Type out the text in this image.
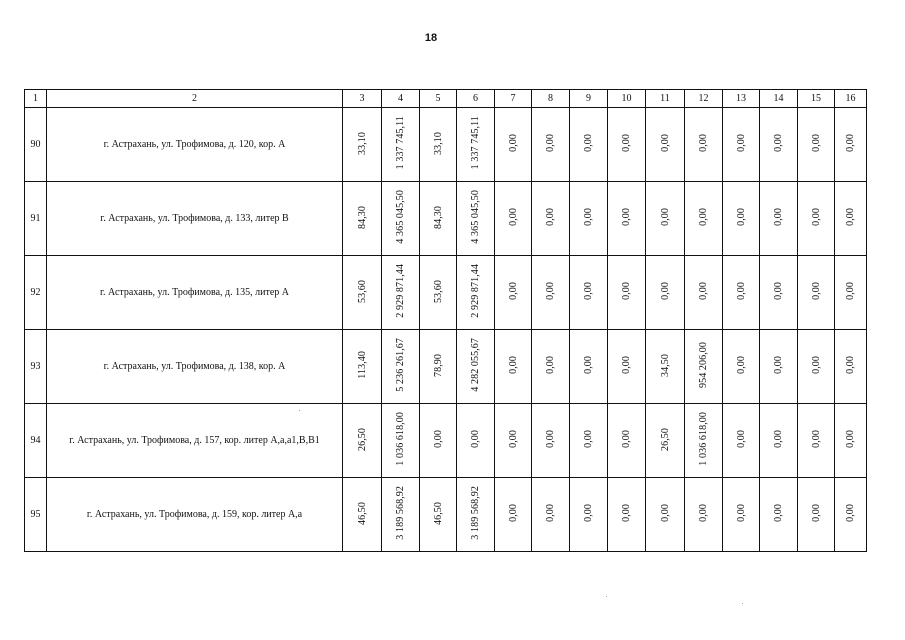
18
1	2	3	4	5	6	7	8	9	10	11	12	13	14	15	16
90	г. Астрахань, ул. Трофимова, д. 120, кор. А	33,10	1 337 745,11	33,10	1 337 745,11	0,00	0,00	0,00	0,00	0,00	0,00	0,00	0,00	0,00	0,00
91	г. Астрахань, ул. Трофимова, д. 133, литер В	84,30	4 365 045,50	84,30	4 365 045,50	0,00	0,00	0,00	0,00	0,00	0,00	0,00	0,00	0,00	0,00
92	г. Астрахань, ул. Трофимова, д. 135, литер А	53,60	2 929 871,44	53,60	2 929 871,44	0,00	0,00	0,00	0,00	0,00	0,00	0,00	0,00	0,00	0,00
93	г. Астрахань, ул. Трофимова, д. 138, кор. А	113,40	5 236 261,67	78,90	4 282 055,67	0,00	0,00	0,00	0,00	34,50	954 206,00	0,00	0,00	0,00	0,00
94	г. Астрахань, ул. Трофимова, д. 157, кор. литер А,а,а1,В,В1	26,50	1 036 618,00	0,00	0,00	0,00	0,00	0,00	0,00	26,50	1 036 618,00	0,00	0,00	0,00	0,00
95	г. Астрахань, ул. Трофимова, д. 159, кор. литер А,а	46,50	3 189 568,92	46,50	3 189 568,92	0,00	0,00	0,00	0,00	0,00	0,00	0,00	0,00	0,00	0,00
